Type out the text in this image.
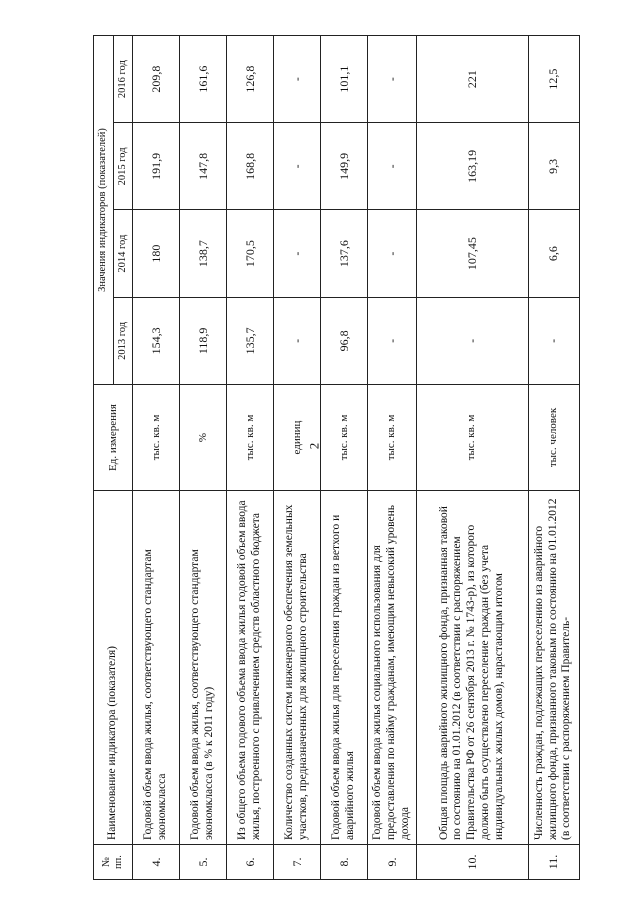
2
№ пп.	Наименование индикатора (показателя)	Ед. измерения	Значения индикаторов (показателей)			
			2013 год	2014 год	2015 год	2016 год
4.	Годовой объем ввода жилья, соответствующего стандартам экономкласса	тыс. кв. м	154,3	180	191,9	209,8
5.	Годовой объем ввода жилья, соответствующего стандартам экономкласса (в % к 2011 году)	%	118,9	138,7	147,8	161,6
6.	Из общего объема годового объема ввода жилья годовой объем ввода жилья, построенного с привлечением средств областного бюджета	тыс. кв. м	135,7	170,5	168,8	126,8
7.	Количество созданных систем инженерного обеспечения земельных участков, предназначенных для жилищного строительства	единиц	-	-	-	-
8.	Годовой объем ввода жилья для переселения граждан из ветхого и аварийного жилья	тыс. кв. м	96,8	137,6	149,9	101,1
9.	Годовой объем ввода жилья социального использования для предоставления по найму гражданам, имеющим невысокий уровень дохода	тыс. кв. м	-	-	-	-
10.	Общая площадь аварийного жилищного фонда, признанная таковой по состоянию на 01.01.2012 (в соответствии с распоряжением Правительства РФ от 26 сентября 2013 г. № 1743-р), из которого должно быть осуществлено переселение граждан (без учета индивидуальных жилых домов), нарастающим итогом	тыс. кв. м	-	107,45	163,19	221
11.	Численность граждан, подлежащих переселению из аварийного жилищного фонда, признанного таковым по состоянию на 01.01.2012 (в соответствии с распоряжением Правитель-	тыс. человек	-	6,6	9,3	12,5
